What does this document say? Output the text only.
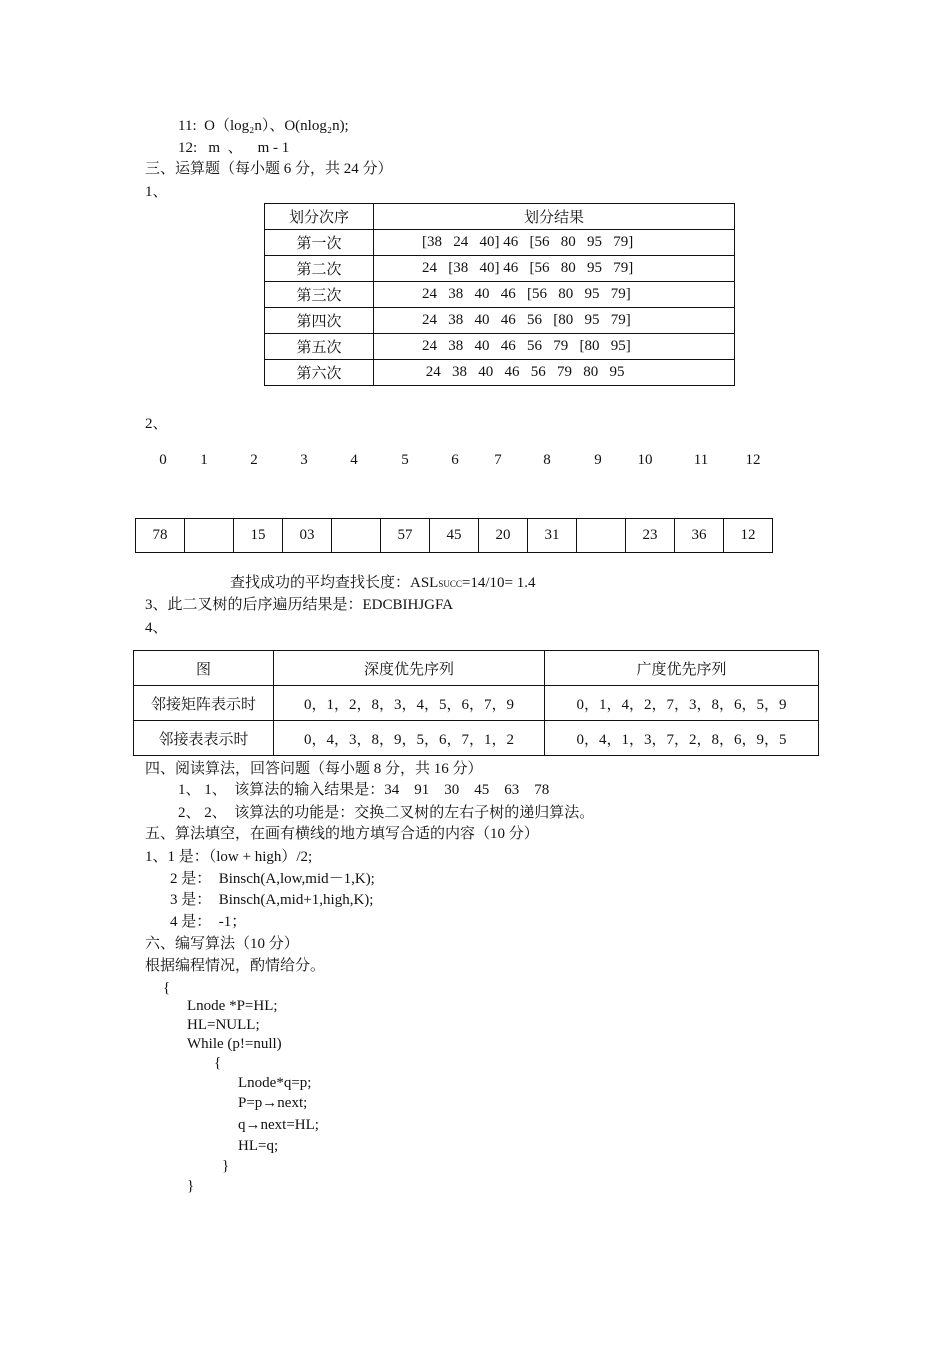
11:  O（log₂n）、O(nlog₂n);
12:   m  、    m - 1
三、运算题（每小题 6 分，共 24 分）
1、
划分次序	划分结果
第一次	[38   24   40] 46   [56   80   95   79]
第二次	24   [38   40] 46   [56   80   95   79]
第三次	24   38   40   46   [56   80   95   79]
第四次	24   38   40   46   56   [80   95   79]
第五次	24   38   40   46   56   79   [80   95]
第六次	24   38   40   46   56   79   80   95
2、
0	1	2	3	4	5	6	7	8	9	10	11	12
78		15	03		57	45	20	31		23	36	12
查找成功的平均查找长度：ASLSUCC=14/10= 1.4
3、此二叉树的后序遍历结果是：EDCBIHJGFA
4、
图	深度优先序列	广度优先序列
邻接矩阵表示时	0，1，2，8，3，4，5，6，7，9	0，1，4，2，7，3，8，6，5，9
邻接表表示时	0，4，3，8，9，5，6，7，1，2	0，4，1，3，7，2，8，6，9，5
四、阅读算法，回答问题（每小题 8 分，共 16 分）
1、 1、  该算法的输入结果是：34    91    30    45    63    78
2、 2、  该算法的功能是：交换二叉树的左右子树的递归算法。
五、算法填空，在画有横线的地方填写合适的内容（10 分）
1、1 是：（low + high）/2;
2 是：  Binsch(A,low,mid－1,K);
3 是：  Binsch(A,mid+1,high,K);
4 是：  -1；
六、编写算法（10 分）
根据编程情况，酌情给分。
{
Lnode *P=HL;
HL=NULL;
While (p!=null)
{
Lnode*q=p;
P=p→next;
q→next=HL;
HL=q;
}
}
